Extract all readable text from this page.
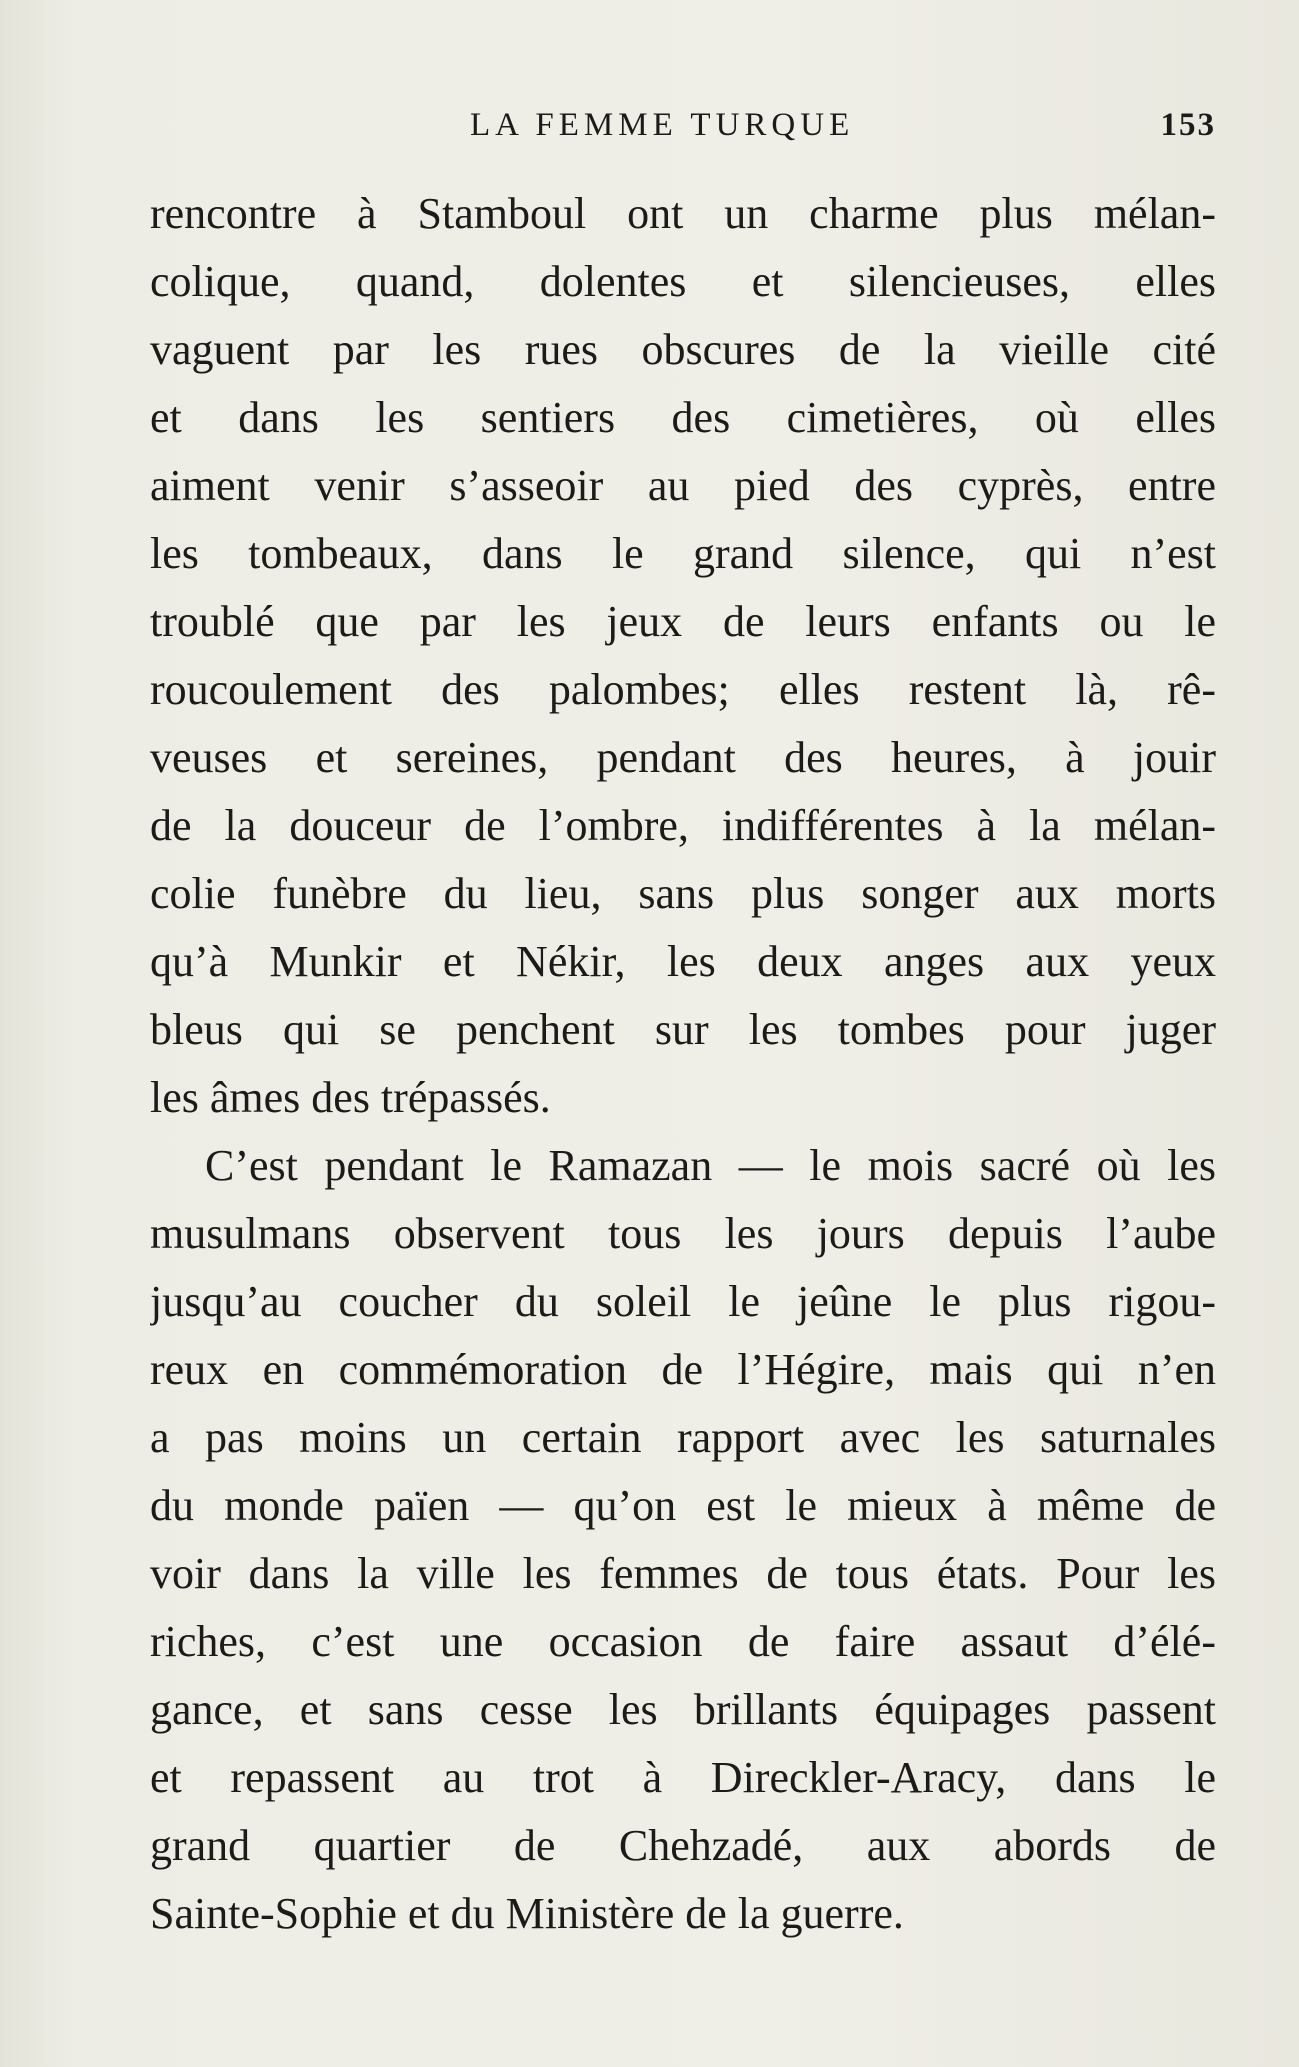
LA FEMME TURQUE	153

rencontre à Stamboul ont un charme plus mélan-
colique, quand, dolentes et silencieuses, elles
vaguent par les rues obscures de la vieille cité
et dans les sentiers des cimetières, où elles
aiment venir s’asseoir au pied des cyprès, entre
les tombeaux, dans le grand silence, qui n’est
troublé que par les jeux de leurs enfants ou le
roucoulement des palombes; elles restent là, rê-
veuses et sereines, pendant des heures, à jouir
de la douceur de l’ombre, indifférentes à la mélan-
colie funèbre du lieu, sans plus songer aux morts
qu’à Munkir et Nékir, les deux anges aux yeux
bleus qui se penchent sur les tombes pour juger
les âmes des trépassés.

C’est pendant le Ramazan — le mois sacré où les
musulmans observent tous les jours depuis l’aube
jusqu’au coucher du soleil le jeûne le plus rigou-
reux en commémoration de l’Hégire, mais qui n’en
a pas moins un certain rapport avec les saturnales
du monde païen — qu’on est le mieux à même de
voir dans la ville les femmes de tous états. Pour les
riches, c’est une occasion de faire assaut d’élé-
gance, et sans cesse les brillants équipages passent
et repassent au trot à Direckler-Aracy, dans le
grand quartier de Chehzadé, aux abords de
Sainte-Sophie et du Ministère de la guerre.
